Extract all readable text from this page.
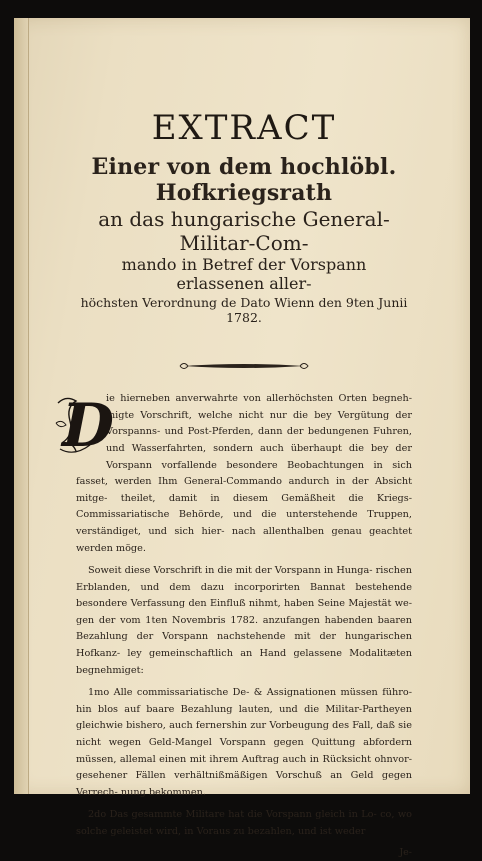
EXTRACT

Einer von dem hochlöbl. Hofkriegsrath

an das hungarische General-Militar-Com-

mando in Betref der Vorspann erlassenen aller-

höchsten Verordnung de Dato Wienn den 9ten Junii 1782.

D

ie hierneben anverwahrte von allerhöchsten Orten begneh- migte Vorschrift, welche nicht nur die bey Vergütung der Vorspanns- und Post-Pferden, dann der bedungenen Fuhren, und Wasserfahrten, sondern auch überhaupt die bey der Vorspann vorfallende besondere Beobachtungen in sich fasset, werden Ihm General-Commando andurch in der Absicht mitge- theilet, damit in diesem Gemäßheit die Kriegs-Commissariatische Behörde, und die unterstehende Truppen, verständiget, und sich hier- nach allenthalben genau geachtet werden möge.

Soweit diese Vorschrift in die mit der Vorspann in Hunga- rischen Erblanden, und dem dazu incorporirten Bannat bestehende besondere Verfassung den Einfluß nihmt, haben Seine Majestät we- gen der vom 1ten Novembris 1782. anzufangen habenden baaren Bezahlung der Vorspann nachstehende mit der hungarischen Hofkanz- ley gemeinschaftlich an Hand gelassene Modalitæten begnehmiget:

1mo Alle commissariatische De- & Assignationen müssen führo- hin blos auf baare Bezahlung lauten, und die Militar-Partheyen gleichwie bishero, auch fernershin zur Vorbeugung des Fall, daß sie nicht wegen Geld-Mangel Vorspann gegen Quittung abfordern müssen, allemal einen mit ihrem Auftrag auch in Rücksicht ohnvor- gesehener Fällen verhältnißmäßigen Vorschuß an Geld gegen Verrech- nung bekommen.

2do Das gesammte Militare hat die Vorspann gleich in Lo- co, wo solche geleistet wird, in Voraus zu bezahlen, und ist weder

Je-
